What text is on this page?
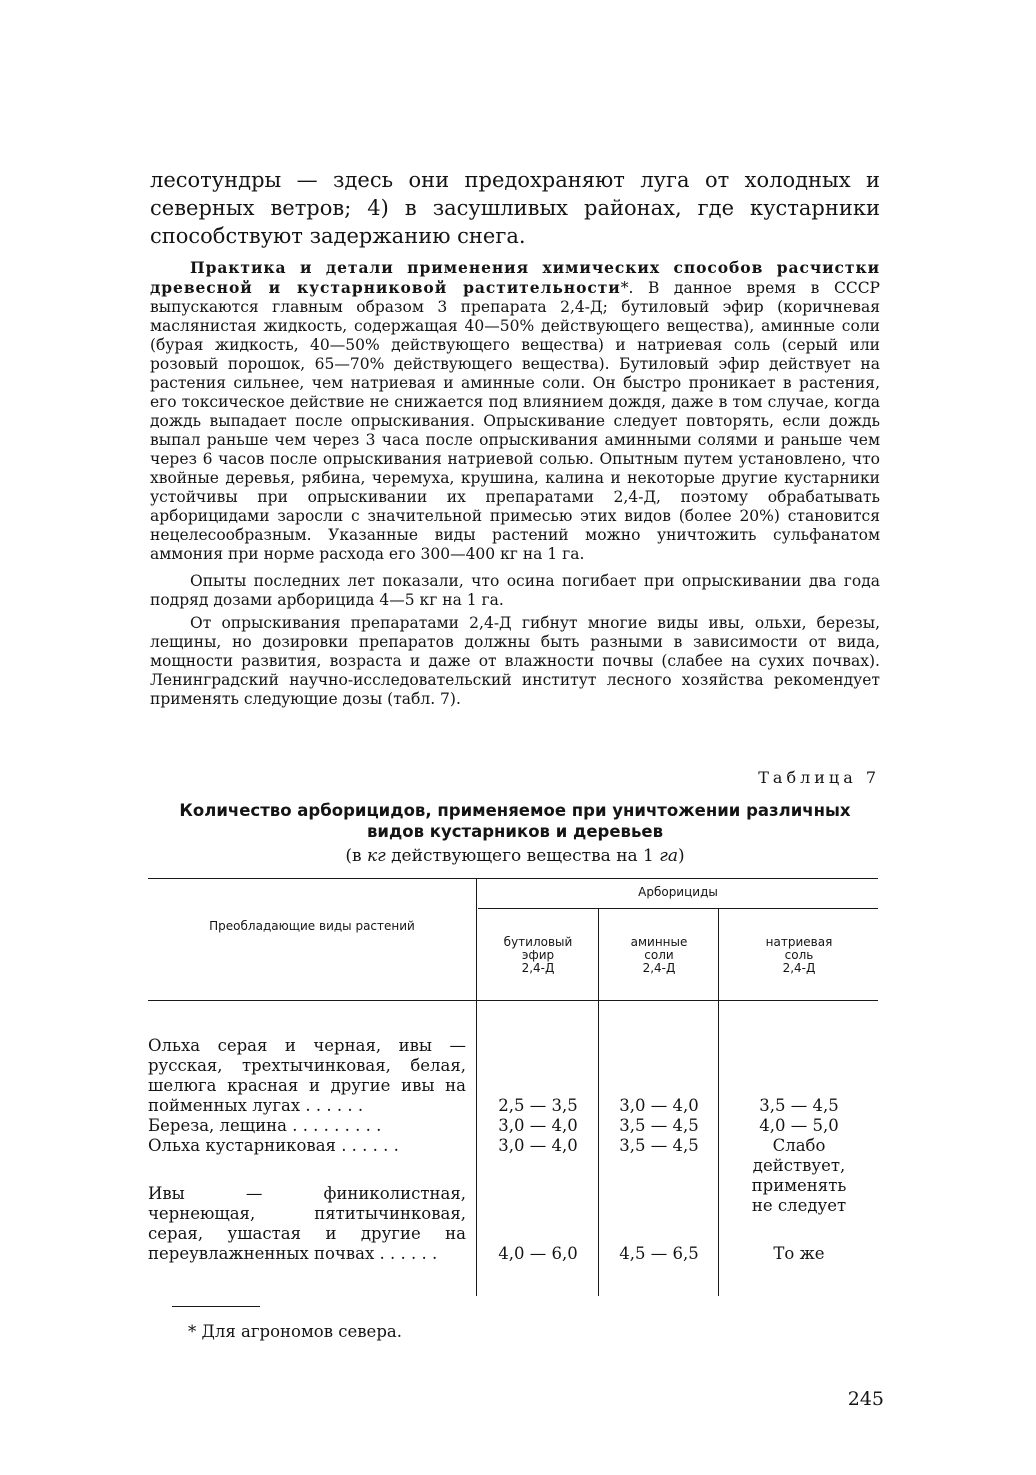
лесотундры — здесь они предохраняют луга от холодных и северных ветров; 4) в засушливых районах, где кустарники способствуют задержанию снега.

Практика и детали применения химических способов расчистки древесной и кустарниковой растительности*. В данное время в СССР выпускаются главным образом 3 препарата 2,4-Д; бутиловый эфир (коричневая маслянистая жидкость, содержащая 40—50% действующего вещества), аминные соли (бурая жидкость, 40—50% действующего вещества) и натриевая соль (серый или розовый порошок, 65—70% действующего вещества). Бутиловый эфир действует на растения сильнее, чем натриевая и аминные соли. Он быстро проникает в растения, его токсическое действие не снижается под влиянием дождя, даже в том случае, когда дождь выпадает после опрыскивания. Опрыскивание следует повторять, если дождь выпал раньше чем через 3 часа после опрыскивания аминными солями и раньше чем через 6 часов после опрыскивания натриевой солью. Опытным путем установлено, что хвойные деревья, рябина, черемуха, крушина, калина и некоторые другие кустарники устойчивы при опрыскивании их препаратами 2,4-Д, поэтому обрабатывать арборицидами заросли с значительной примесью этих видов (более 20%) становится нецелесообразным. Указанные виды растений можно уничтожить сульфанатом аммония при норме расхода его 300—400 кг на 1 га.

Опыты последних лет показали, что осина погибает при опрыскивании два года подряд дозами арборицида 4—5 кг на 1 га.

От опрыскивания препаратами 2,4-Д гибнут многие виды ивы, ольхи, березы, лещины, но дозировки препаратов должны быть разными в зависимости от вида, мощности развития, возраста и даже от влажности почвы (слабее на сухих почвах). Ленинградский научно-исследовательский институт лесного хозяйства рекомендует применять следующие дозы (табл. 7).

Таблица 7
Количество арборицидов, применяемое при уничтожении различных
видов кустарников и деревьев
(в кг действующего вещества на 1 га)
Преобладающие виды растений
Арборициды
бутиловый
эфир
2,4-Д
аминные
соли
2,4-Д
натриевая
соль
2,4-Д
Ольха серая и черная, ивы — русская, трехтычинковая, белая, шелюга красная и другие ивы на пойменных лугах . . . . . .	2,5 — 3,5	3,0 — 4,0	3,5 — 4,5
Береза, лещина . . . . . . . . .	3,0 — 4,0	3,5 — 4,5	4,0 — 5,0
Ольха кустарниковая . . . . . .	3,0 — 4,0	3,5 — 4,5	Слабо действует, применять не следует
Ивы — финиколистная, чернеющая, пятитычинковая, серая, ушастая и другие на переувлажненных почвах . . . . . .	4,0 — 6,0	4,5 — 6,5	То же
* Для агрономов севера.
245
